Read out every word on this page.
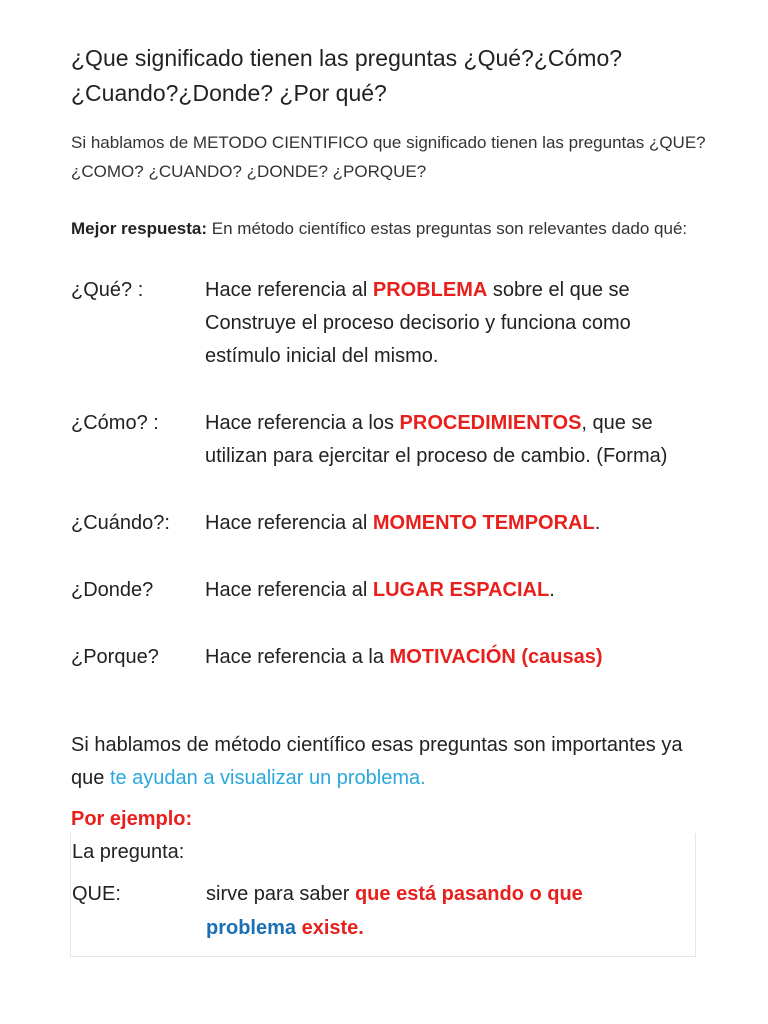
¿Que significado tienen las preguntas ¿Qué?¿Cómo? ¿Cuando?¿Donde? ¿Por qué?
Si hablamos de METODO CIENTIFICO que significado tienen las preguntas ¿QUE? ¿COMO? ¿CUANDO? ¿DONDE? ¿PORQUE?
Mejor respuesta: En método científico estas preguntas son relevantes dado qué:
¿Qué? :	Hace referencia al PROBLEMA sobre el que se Construye el proceso decisorio y funciona como estímulo inicial del mismo.
¿Cómo? :	Hace referencia a los PROCEDIMIENTOS, que se utilizan para ejercitar el proceso de cambio. (Forma)
¿Cuándo?:	Hace referencia al MOMENTO TEMPORAL.
¿Donde?	Hace referencia al LUGAR ESPACIAL.
¿Porque?	Hace referencia a la MOTIVACIÓN (causas)
Si hablamos de método científico esas preguntas son importantes ya que te ayudan a visualizar un problema.
Por ejemplo:
La pregunta:
QUE:	sirve para saber que está pasando o que
problema existe.
